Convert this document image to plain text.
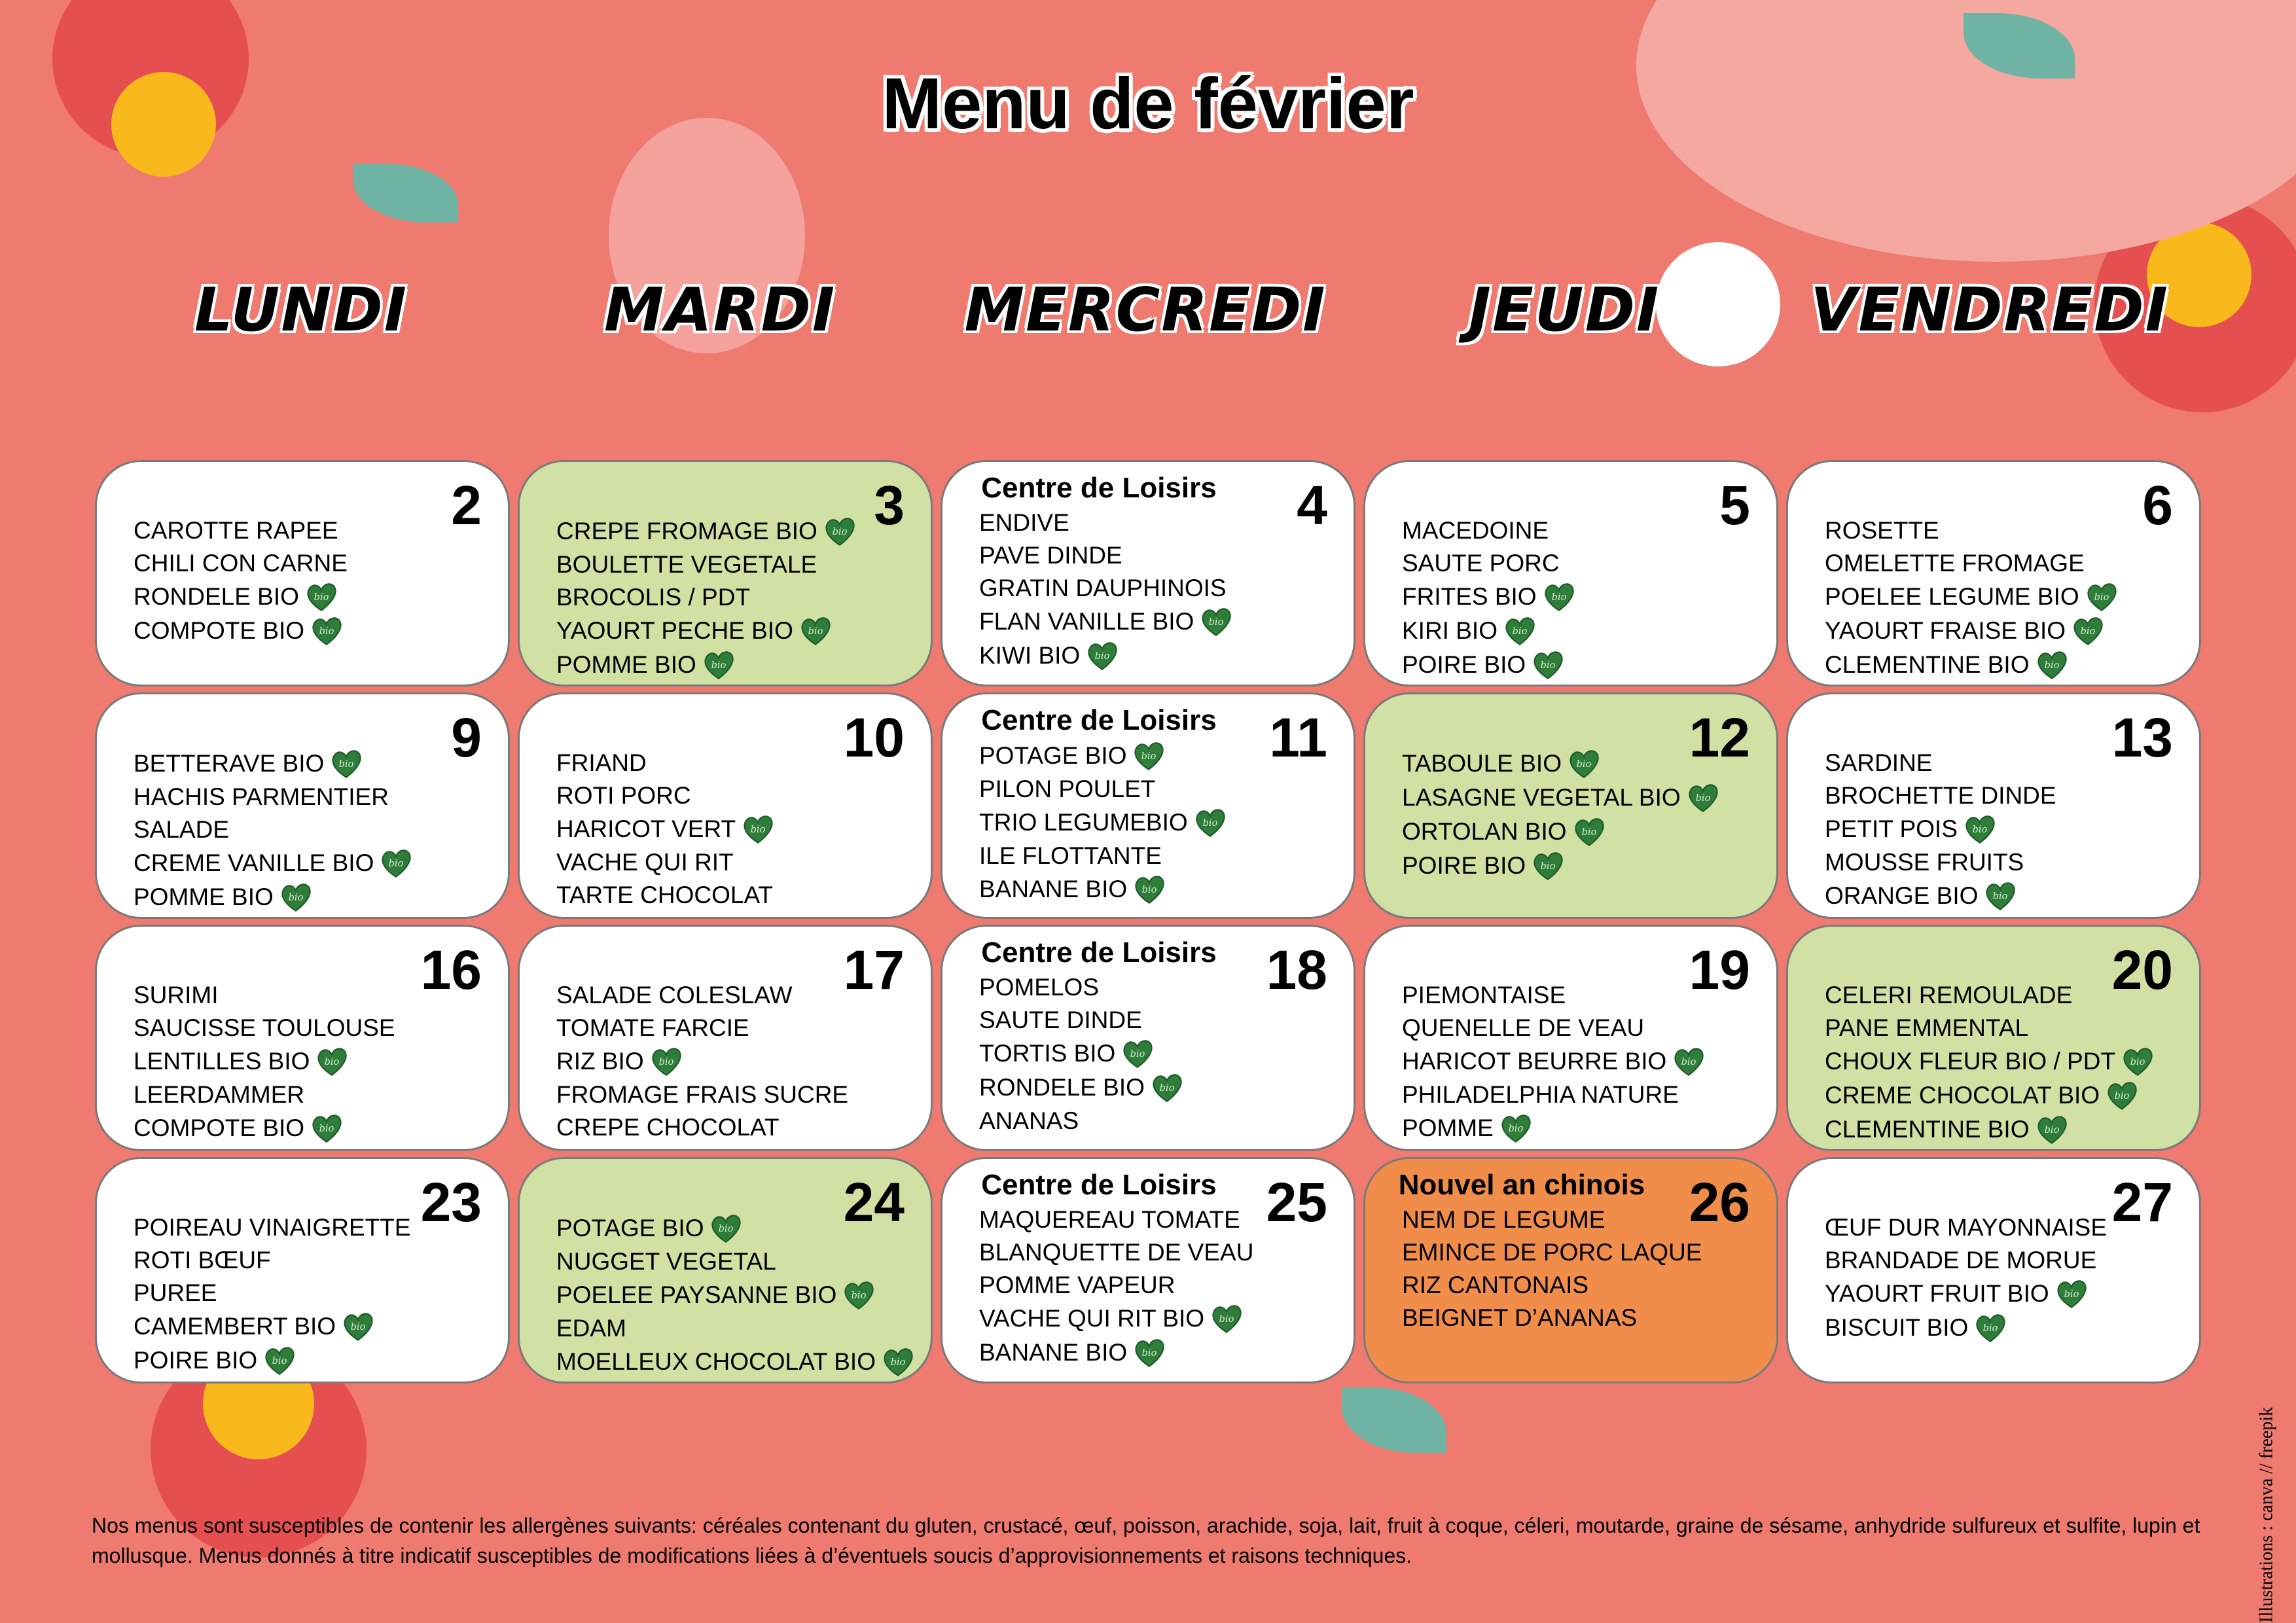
Menu de février
LUNDI	MARDI	MERCREDI	JEUDI	VENDREDI
2
CAROTTE RAPEE
CHILI CON CARNE
RONDELE BIO bio
COMPOTE BIO bio
3
CREPE FROMAGE BIO bio
BOULETTE VEGETALE
BROCOLIS / PDT
YAOURT PECHE BIO bio
POMME BIO bio
Centre de Loisirs	4
ENDIVE
PAVE DINDE
GRATIN DAUPHINOIS
FLAN VANILLE BIO bio
KIWI BIO bio
5
MACEDOINE
SAUTE PORC
FRITES BIO bio
KIRI BIO bio
POIRE BIO bio
6
ROSETTE
OMELETTE FROMAGE
POELEE LEGUME BIO bio
YAOURT FRAISE BIO bio
CLEMENTINE BIO bio
9
BETTERAVE BIO bio
HACHIS PARMENTIER
SALADE
CREME VANILLE BIO bio
POMME BIO bio
10
FRIAND
ROTI PORC
HARICOT VERT bio
VACHE QUI RIT
TARTE CHOCOLAT
Centre de Loisirs 11
POTAGE BIO bio
PILON POULET
TRIO LEGUMEBIO bio
ILE FLOTTANTE
BANANE BIO bio
12
TABOULE BIO bio
LASAGNE VEGETAL BIO bio
ORTOLAN BIO bio
POIRE BIO bio
13
SARDINE
BROCHETTE DINDE
PETIT POIS bio
MOUSSE FRUITS
ORANGE BIO bio
16
SURIMI
SAUCISSE TOULOUSE
LENTILLES BIO bio
LEERDAMMER
COMPOTE BIO bio
17
SALADE COLESLAW
TOMATE FARCIE
RIZ BIO bio
FROMAGE FRAIS SUCRE
CREPE CHOCOLAT
Centre de Loisirs 18
POMELOS
SAUTE DINDE
TORTIS BIO bio
RONDELE BIO bio
ANANAS
19
PIEMONTAISE
QUENELLE DE VEAU
HARICOT BEURRE BIO bio
PHILADELPHIA NATURE
POMME bio
20
CELERI REMOULADE
PANE EMMENTAL
CHOUX FLEUR BIO / PDT bio
CREME CHOCOLAT BIO bio
CLEMENTINE BIO bio
23
POIREAU VINAIGRETTE
ROTI BŒUF
PUREE
CAMEMBERT BIO bio
POIRE BIO bio
24
POTAGE BIO bio
NUGGET VEGETAL
POELEE PAYSANNE BIO bio
EDAM
MOELLEUX CHOCOLAT BIO bio
Centre de Loisirs 25
MAQUEREAU TOMATE
BLANQUETTE DE VEAU
POMME VAPEUR
VACHE QUI RIT BIO bio
BANANE BIO bio
Nouvel an chinois 26
NEM DE LEGUME
EMINCE DE PORC LAQUE
RIZ CANTONAIS
BEIGNET D’ANANAS
27
ŒUF DUR MAYONNAISE
BRANDADE DE MORUE
YAOURT FRUIT BIO bio
BISCUIT BIO bio
Nos menus sont susceptibles de contenir les allergènes suivants: céréales contenant du gluten, crustacé, œuf, poisson, arachide, soja, lait, fruit à coque, céleri, moutarde, graine de sésame, anhydride sulfureux et sulfite, lupin et mollusque. Menus donnés à titre indicatif susceptibles de modifications liées à d’éventuels soucis d’approvisionnements et raisons techniques.	Illustrations : canva // freepik
